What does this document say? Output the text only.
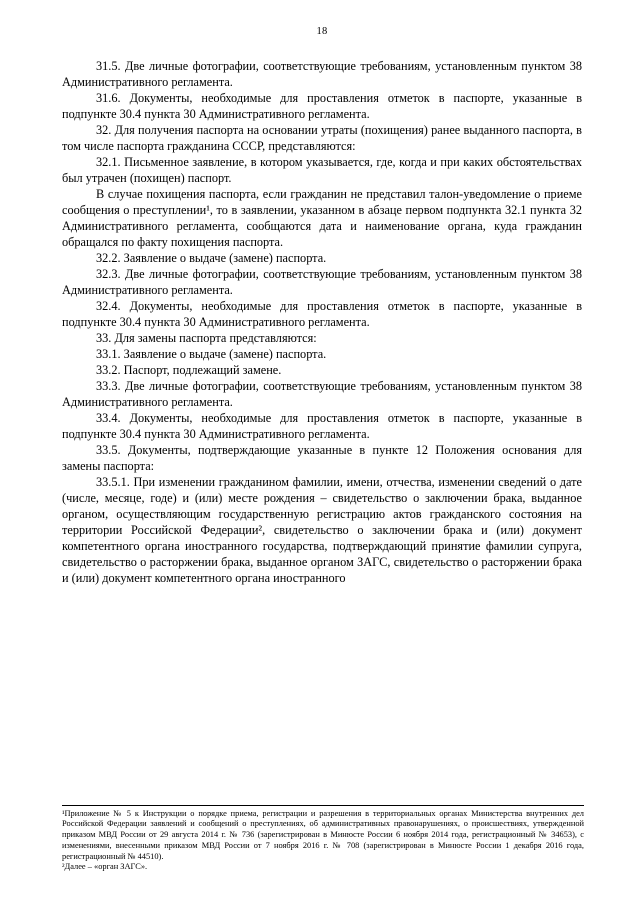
18

31.5. Две личные фотографии, соответствующие требованиям, установленным пунктом 38 Административного регламента.

31.6. Документы, необходимые для проставления отметок в паспорте, указанные в подпункте 30.4 пункта 30 Административного регламента.

32. Для получения паспорта на основании утраты (похищения) ранее выданного паспорта, в том числе паспорта гражданина СССР, представляются:

32.1. Письменное заявление, в котором указывается, где, когда и при каких обстоятельствах был утрачен (похищен) паспорт.

В случае похищения паспорта, если гражданин не представил талон-уведомление о приеме сообщения о преступлении¹, то в заявлении, указанном в абзаце первом подпункта 32.1 пункта 32 Административного регламента, сообщаются дата и наименование органа, куда гражданин обращался по факту похищения паспорта.

32.2. Заявление о выдаче (замене) паспорта.

32.3. Две личные фотографии, соответствующие требованиям, установленным пунктом 38 Административного регламента.

32.4. Документы, необходимые для проставления отметок в паспорте, указанные в подпункте 30.4 пункта 30 Административного регламента.

33. Для замены паспорта представляются:

33.1. Заявление о выдаче (замене) паспорта.

33.2. Паспорт, подлежащий замене.

33.3. Две личные фотографии, соответствующие требованиям, установленным пунктом 38 Административного регламента.

33.4. Документы, необходимые для проставления отметок в паспорте, указанные в подпункте 30.4 пункта 30 Административного регламента.

33.5. Документы, подтверждающие указанные в пункте 12 Положения основания для замены паспорта:

33.5.1. При изменении гражданином фамилии, имени, отчества, изменении сведений о дате (числе, месяце, годе) и (или) месте рождения – свидетельство о заключении брака, выданное органом, осуществляющим государственную регистрацию актов гражданского состояния на территории Российской Федерации², свидетельство о заключении брака и (или) документ компетентного органа иностранного государства, подтверждающий принятие фамилии супруга, свидетельство о расторжении брака, выданное органом ЗАГС, свидетельство о расторжении брака и (или) документ компетентного органа иностранного

¹Приложение № 5 к Инструкции о порядке приема, регистрации и разрешения в территориальных органах Министерства внутренних дел Российской Федерации заявлений и сообщений о преступлениях, об административных правонарушениях, о происшествиях, утвержденной приказом МВД России от 29 августа 2014 г. № 736 (зарегистрирован в Минюсте России 6 ноября 2014 года, регистрационный № 34653), с изменениями, внесенными приказом МВД России от 7 ноября 2016 г. № 708 (зарегистрирован в Минюсте России 1 декабря 2016 года, регистрационный № 44510).

²Далее – «орган ЗАГС».
